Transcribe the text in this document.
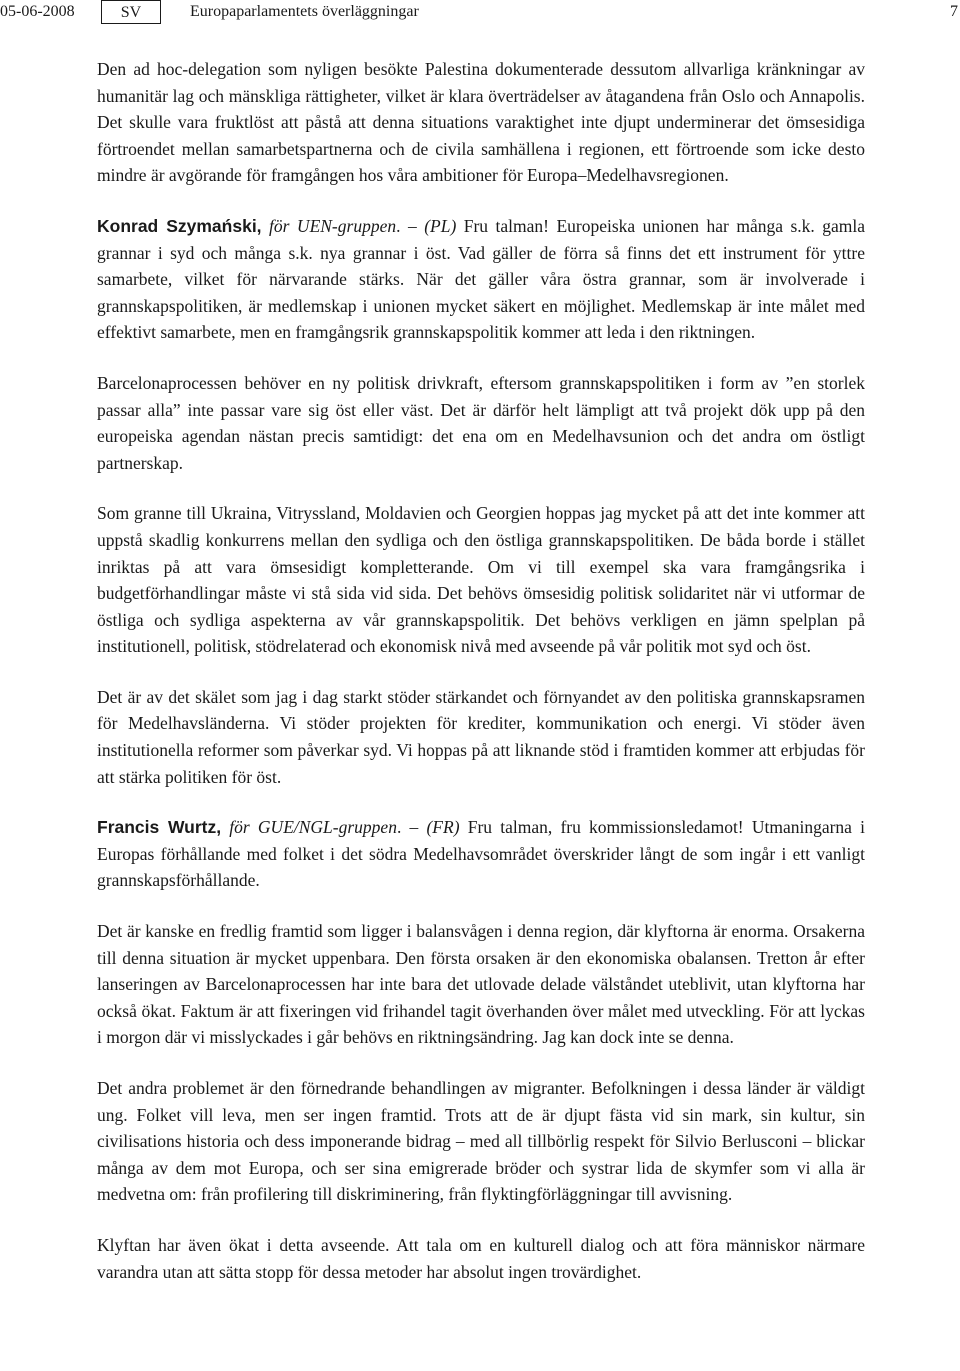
05-06-2008	SV	Europaparlamentets överläggningar	7

Den ad hoc-delegation som nyligen besökte Palestina dokumenterade dessutom allvarliga kränkningar av humanitär lag och mänskliga rättigheter, vilket är klara överträdelser av åtagandena från Oslo och Annapolis. Det skulle vara fruktlöst att påstå att denna situations varaktighet inte djupt underminerar det ömsesidiga förtroendet mellan samarbetspartnerna och de civila samhällena i regionen, ett förtroende som icke desto mindre är avgörande för framgången hos våra ambitioner för Europa–Medelhavsregionen.

Konrad Szymański, för UEN-gruppen. – (PL) Fru talman! Europeiska unionen har många s.k. gamla grannar i syd och många s.k. nya grannar i öst. Vad gäller de förra så finns det ett instrument för yttre samarbete, vilket för närvarande stärks. När det gäller våra östra grannar, som är involverade i grannskapspolitiken, är medlemskap i unionen mycket säkert en möjlighet. Medlemskap är inte målet med effektivt samarbete, men en framgångsrik grannskapspolitik kommer att leda i den riktningen.

Barcelonaprocessen behöver en ny politisk drivkraft, eftersom grannskapspolitiken i form av ”en storlek passar alla” inte passar vare sig öst eller väst. Det är därför helt lämpligt att två projekt dök upp på den europeiska agendan nästan precis samtidigt: det ena om en Medelhavsunion och det andra om östligt partnerskap.

Som granne till Ukraina, Vitryssland, Moldavien och Georgien hoppas jag mycket på att det inte kommer att uppstå skadlig konkurrens mellan den sydliga och den östliga grannskapspolitiken. De båda borde i stället inriktas på att vara ömsesidigt kompletterande. Om vi till exempel ska vara framgångsrika i budgetförhandlingar måste vi stå sida vid sida. Det behövs ömsesidig politisk solidaritet när vi utformar de östliga och sydliga aspekterna av vår grannskapspolitik. Det behövs verkligen en jämn spelplan på institutionell, politisk, stödrelaterad och ekonomisk nivå med avseende på vår politik mot syd och öst.

Det är av det skälet som jag i dag starkt stöder stärkandet och förnyandet av den politiska grannskapsramen för Medelhavsländerna. Vi stöder projekten för krediter, kommunikation och energi. Vi stöder även institutionella reformer som påverkar syd. Vi hoppas på att liknande stöd i framtiden kommer att erbjudas för att stärka politiken för öst.

Francis Wurtz, för GUE/NGL-gruppen. – (FR) Fru talman, fru kommissionsledamot! Utmaningarna i Europas förhållande med folket i det södra Medelhavsområdet överskrider långt de som ingår i ett vanligt grannskapsförhållande.

Det är kanske en fredlig framtid som ligger i balansvågen i denna region, där klyftorna är enorma. Orsakerna till denna situation är mycket uppenbara. Den första orsaken är den ekonomiska obalansen. Tretton år efter lanseringen av Barcelonaprocessen har inte bara det utlovade delade välståndet uteblivit, utan klyftorna har också ökat. Faktum är att fixeringen vid frihandel tagit överhanden över målet med utveckling. För att lyckas i morgon där vi misslyckades i går behövs en riktningsändring. Jag kan dock inte se denna.

Det andra problemet är den förnedrande behandlingen av migranter. Befolkningen i dessa länder är väldigt ung. Folket vill leva, men ser ingen framtid. Trots att de är djupt fästa vid sin mark, sin kultur, sin civilisations historia och dess imponerande bidrag – med all tillbörlig respekt för Silvio Berlusconi – blickar många av dem mot Europa, och ser sina emigrerade bröder och systrar lida de skymfer som vi alla är medvetna om: från profilering till diskriminering, från flyktingförläggningar till avvisning.

Klyftan har även ökat i detta avseende. Att tala om en kulturell dialog och att föra människor närmare varandra utan att sätta stopp för dessa metoder har absolut ingen trovärdighet.
